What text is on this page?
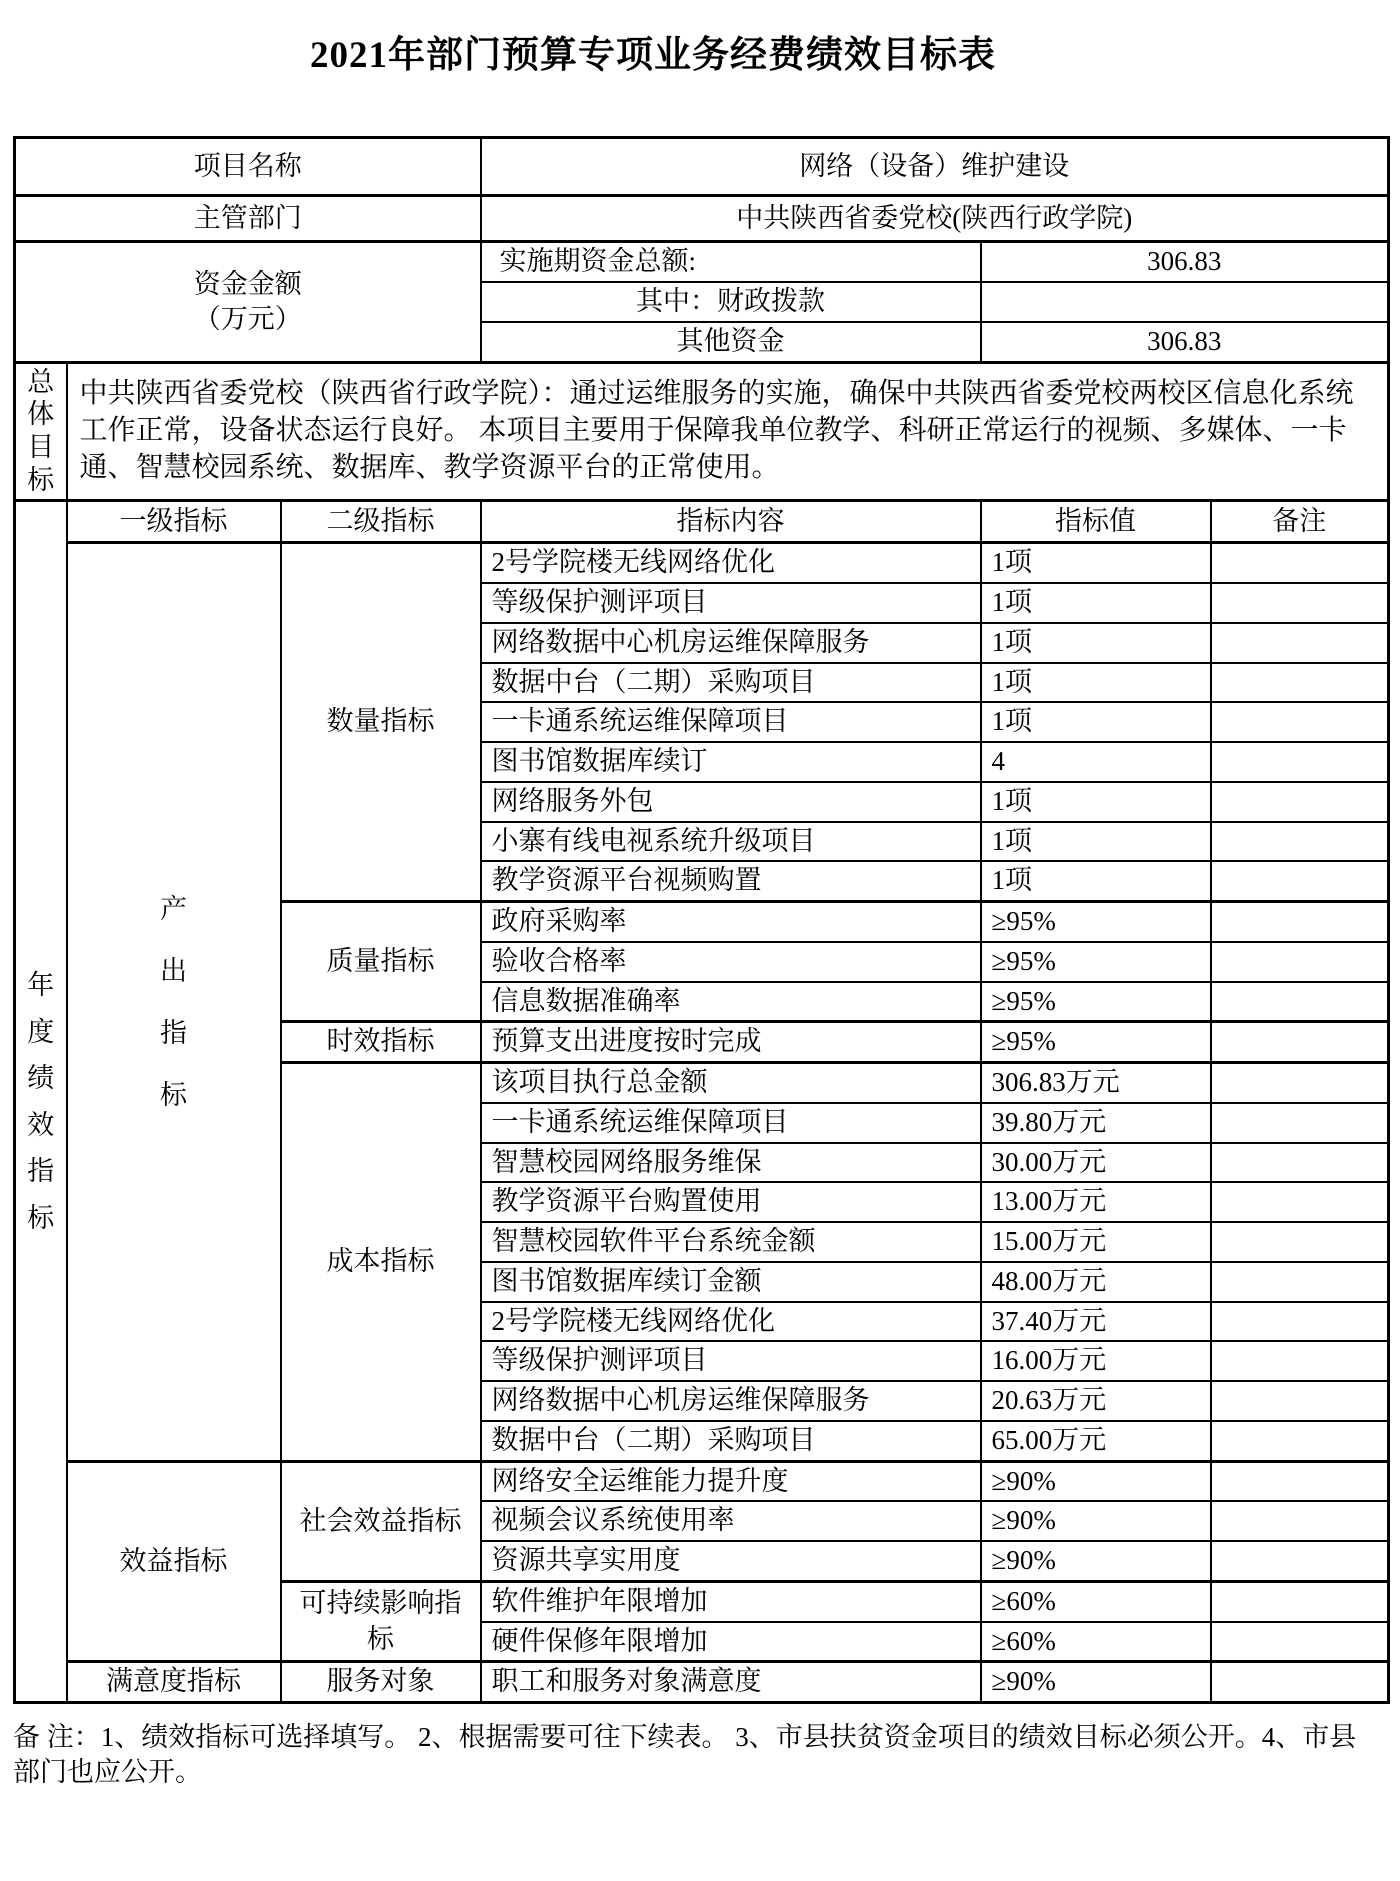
2021年部门预算专项业务经费绩效目标表
项目名称			网络（设备）维护建设		
主管部门			中共陕西省委党校(陕西行政学院)		

资金金额
（万元）			实施期资金总额:	306.83	
			其中：财政拨款		
			其他资金	306.83	
总体目标	中共陕西省委党校（陕西省行政学院）：通过运维服务的实施，确保中共陕西省委党校两校区信息化系统工作正常，设备状态运行良好。 本项目主要用于保障我单位教学、科研正常运行的视频、多媒体、一卡通、智慧校园系统、数据库、教学资源平台的正常使用。				
年度绩效指标	一级指标	二级指标	指标内容	指标值	备注
	产出指标	数量指标	2号学院楼无线网络优化	1项	
			等级保护测评项目	1项	
			网络数据中心机房运维保障服务	1项	
			数据中台（二期）采购项目	1项	
			一卡通系统运维保障项目	1项	
			图书馆数据库续订	4	
			网络服务外包	1项	
			小寨有线电视系统升级项目	1项	
			教学资源平台视频购置	1项	
		质量指标	政府采购率	≥95%	
			验收合格率	≥95%	
			信息数据准确率	≥95%	
		时效指标	预算支出进度按时完成	≥95%	
		成本指标	该项目执行总金额	306.83万元	
			一卡通系统运维保障项目	39.80万元	
			智慧校园网络服务维保	30.00万元	
			教学资源平台购置使用	13.00万元	
			智慧校园软件平台系统金额	15.00万元	
			图书馆数据库续订金额	48.00万元	
			2号学院楼无线网络优化	37.40万元	
			等级保护测评项目	16.00万元	
			网络数据中心机房运维保障服务	20.63万元	
			数据中台（二期）采购项目	65.00万元	
	效益指标	社会效益指标	网络安全运维能力提升度	≥90%	
			视频会议系统使用率	≥90%	
			资源共享实用度	≥90%	
		可持续影响指标	软件维护年限增加	≥60%	
			硬件保修年限增加	≥60%	
	满意度指标	服务对象	职工和服务对象满意度	≥90%	
备 注：1、绩效指标可选择填写。 2、根据需要可往下续表。 3、市县扶贫资金项目的绩效目标必须公开。4、市县部门也应公开。
